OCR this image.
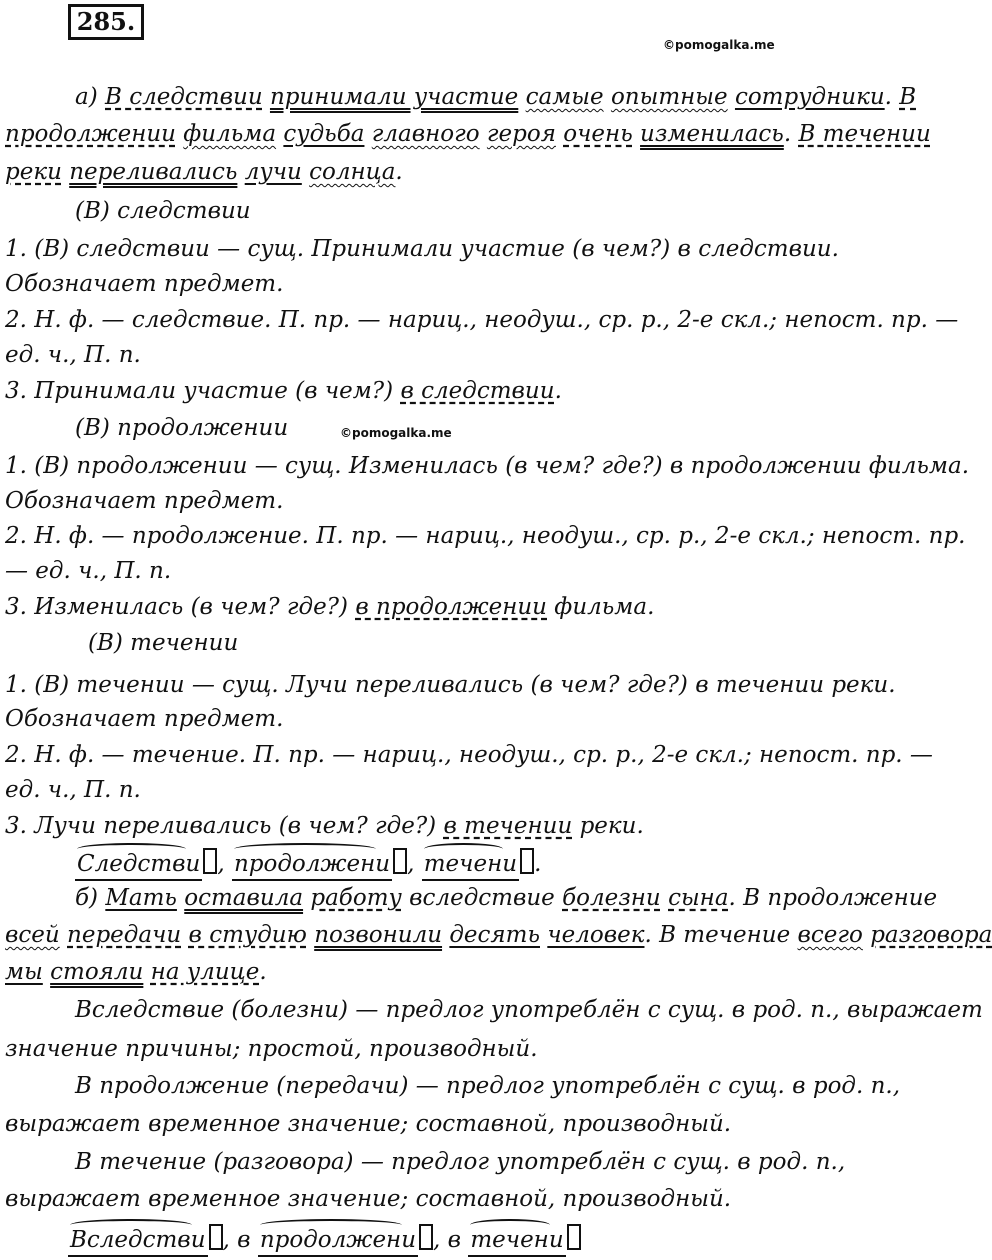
285.
©pomogalka.me
а) В следствии принимали участие самые опытные сотрудники. В
продолжении фильма судьба главного героя очень изменилась. В течении
реки переливались лучи солнца.
(В) следствии
1. (В) следствии — сущ. Принимали участие (в чем?) в следствии.
Обозначает предмет.
2. Н. ф. — следствие. П. пр. — нариц., неодуш., ср. р., 2-е скл.; непост. пр. —
ед. ч., П. п.
3. Принимали участие (в чем?) в следствии.
(В) продолжении	©pomogalka.me
1. (В) продолжении — сущ. Изменилась (в чем? где?) в продолжении фильма.
Обозначает предмет.
2. Н. ф. — продолжение. П. пр. — нариц., неодуш., ср. р., 2-е скл.; непост. пр.
— ед. ч., П. п.
3. Изменилась (в чем? где?) в продолжении фильма.
(В) течении
1. (В) течении — сущ. Лучи переливались (в чем? где?) в течении реки.
Обозначает предмет.
2. Н. ф. — течение. П. пр. — нариц., неодуш., ср. р., 2-е скл.; непост. пр. —
ед. ч., П. п.
3. Лучи переливались (в чем? где?) в течении реки.
Следстви , продолжени , течени .
б) Мать оставила работу вследствие болезни сына. В продолжение
всей передачи в студию позвонили десять человек. В течение всего разговора
мы стояли на улице.
Вследствие (болезни) — предлог употреблён с сущ. в род. п., выражает
значение причины; простой, производный.
В продолжение (передачи) — предлог употреблён с сущ. в род. п.,
выражает временное значение; составной, производный.
В течение (разговора) — предлог употреблён с сущ. в род. п.,
выражает временное значение; составной, производный.
Вследстви , в продолжени , в течени
